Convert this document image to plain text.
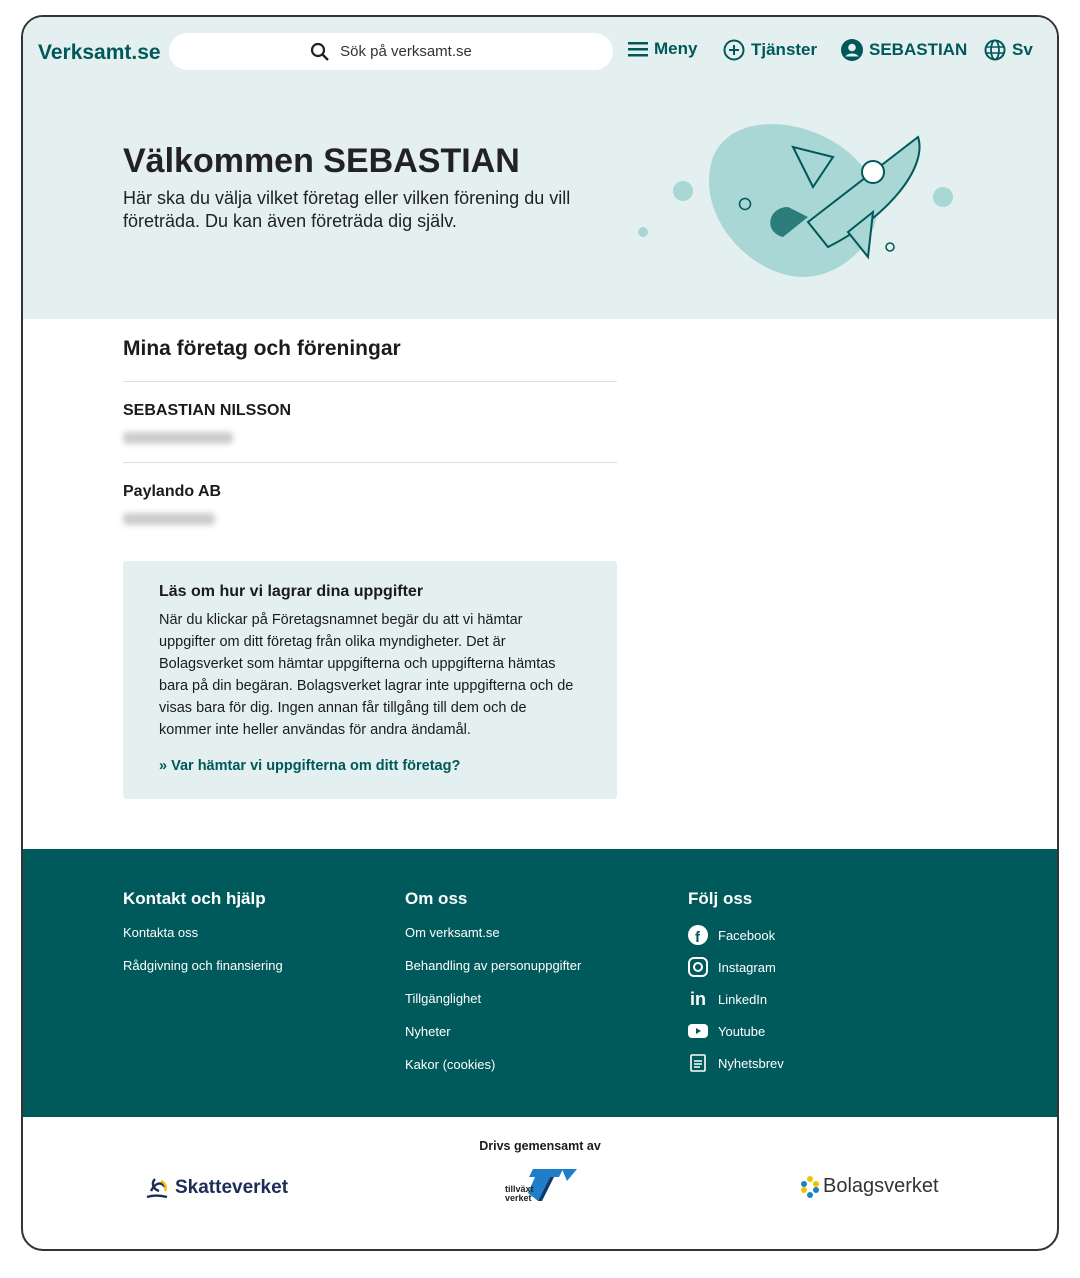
Verksamt.se	Sök på verksamt.se	Meny	Tjänster	SEBASTIAN	Sv
Välkommen SEBASTIAN

Här ska du välja vilket företag eller vilken förening du vill företräda. Du kan även företräda dig själv.

Mina företag och föreningar
SEBASTIAN NILSSON
Paylando AB
Läs om hur vi lagrar dina uppgifter
När du klickar på Företagsnamnet begär du att vi hämtar uppgifter om ditt företag från olika myndigheter. Det är Bolagsverket som hämtar uppgifterna och uppgifterna hämtas bara på din begäran. Bolagsverket lagrar inte uppgifterna och de visas bara för dig. Ingen annan får tillgång till dem och de kommer inte heller användas för andra ändamål.
» Var hämtar vi uppgifterna om ditt företag?
Kontakt och hjälp
Kontakta oss
Rådgivning och finansiering
Om oss
Om verksamt.se
Behandling av personuppgifter
Tillgänglighet
Nyheter
Kakor (cookies)
Följ oss
f Facebook
Instagram
in LinkedIn
Youtube
Nyhetsbrev
Drivs gemensamt av
Skatteverket	tillväxt verket
Bolagsverket
